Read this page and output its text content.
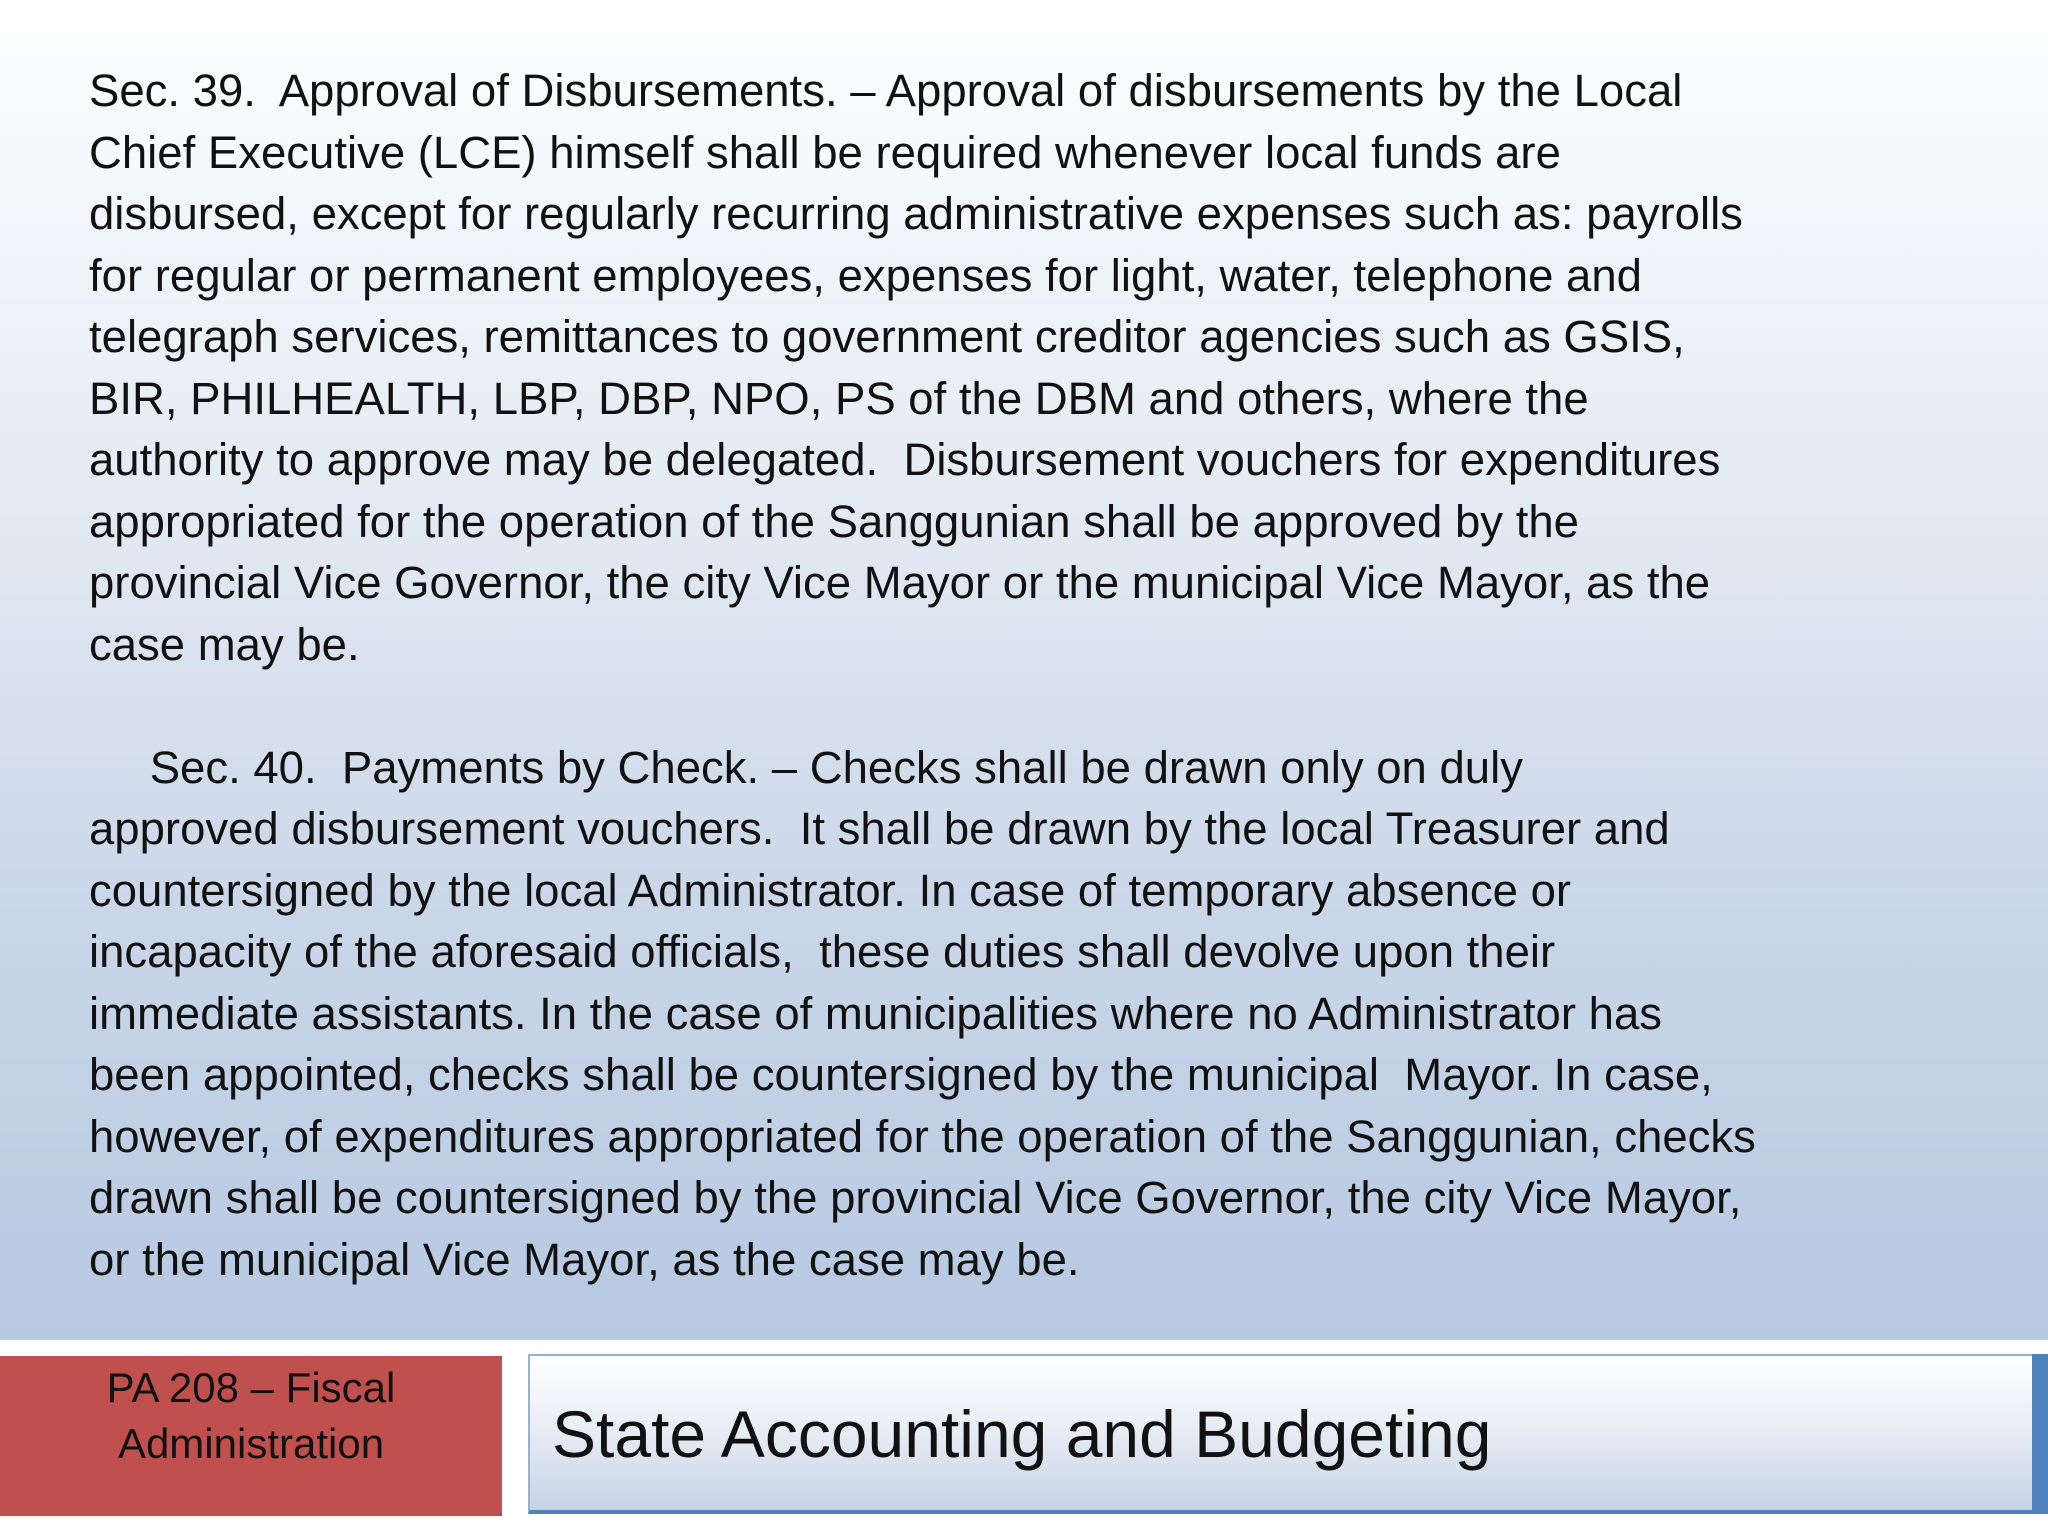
Sec. 39.  Approval of Disbursements. – Approval of disbursements by the Local
Chief Executive (LCE) himself shall be required whenever local funds are
disbursed, except for regularly recurring administrative expenses such as: payrolls
for regular or permanent employees, expenses for light, water, telephone and
telegraph services, remittances to government creditor agencies such as GSIS,
BIR, PHILHEALTH, LBP, DBP, NPO, PS of the DBM and others, where the
authority to approve may be delegated.  Disbursement vouchers for expenditures
appropriated for the operation of the Sanggunian shall be approved by the
provincial Vice Governor, the city Vice Mayor or the municipal Vice Mayor, as the
case may be.

		Sec. 40.  Payments by Check. – Checks shall be drawn only on duly
approved disbursement vouchers.  It shall be drawn by the local Treasurer and
countersigned by the local Administrator. In case of temporary absence or
incapacity of the aforesaid officials,  these duties shall devolve upon their
immediate assistants. In the case of municipalities where no Administrator has
been appointed, checks shall be countersigned by the municipal  Mayor. In case,
however, of expenditures appropriated for the operation of the Sanggunian, checks
drawn shall be countersigned by the provincial Vice Governor, the city Vice Mayor,
or the municipal Vice Mayor, as the case may be.

PA 208 – Fiscal
Administration	State Accounting and Budgeting
